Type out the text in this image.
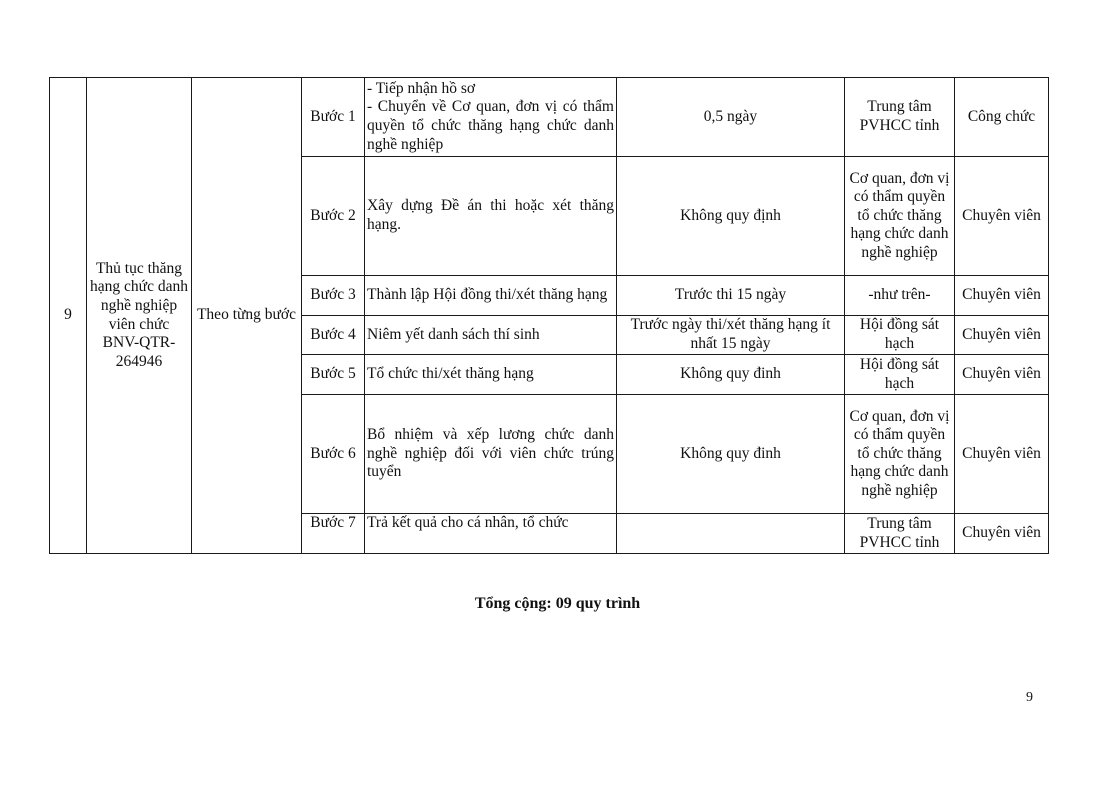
9	Thủ tục thăng hạng chức danh nghề nghiệp viên chức BNV-QTR-264946	Theo từng bước	Bước 1	- Tiếp nhận hồ sơ
- Chuyển về Cơ quan, đơn vị có thẩm quyền tổ chức thăng hạng chức danh nghề nghiệp	0,5 ngày	Trung tâm PVHCC tỉnh	Công chức
			Bước 2	Xây dựng Đề án thi hoặc xét thăng hạng.	Không quy định	Cơ quan, đơn vị có thẩm quyền tổ chức thăng hạng chức danh nghề nghiệp	Chuyên viên
			Bước 3	Thành lập Hội đồng thi/xét thăng hạng	Trước thi 15 ngày	-như trên-	Chuyên viên
			Bước 4	Niêm yết danh sách thí sinh	Trước ngày thi/xét thăng hạng ít nhất 15 ngày	Hội đồng sát hạch	Chuyên viên
			Bước 5	Tổ chức thi/xét thăng hạng	Không quy đinh	Hội đồng sát hạch	Chuyên viên
			Bước 6	Bổ nhiệm và xếp lương chức danh nghề nghiệp đối với viên chức trúng tuyển	Không quy đinh	Cơ quan, đơn vị có thẩm quyền tổ chức thăng hạng chức danh nghề nghiệp	Chuyên viên
			Bước 7	Trả kết quả cho cá nhân, tổ chức		Trung tâm PVHCC tỉnh	Chuyên viên
Tổng cộng: 09 quy trình
9
